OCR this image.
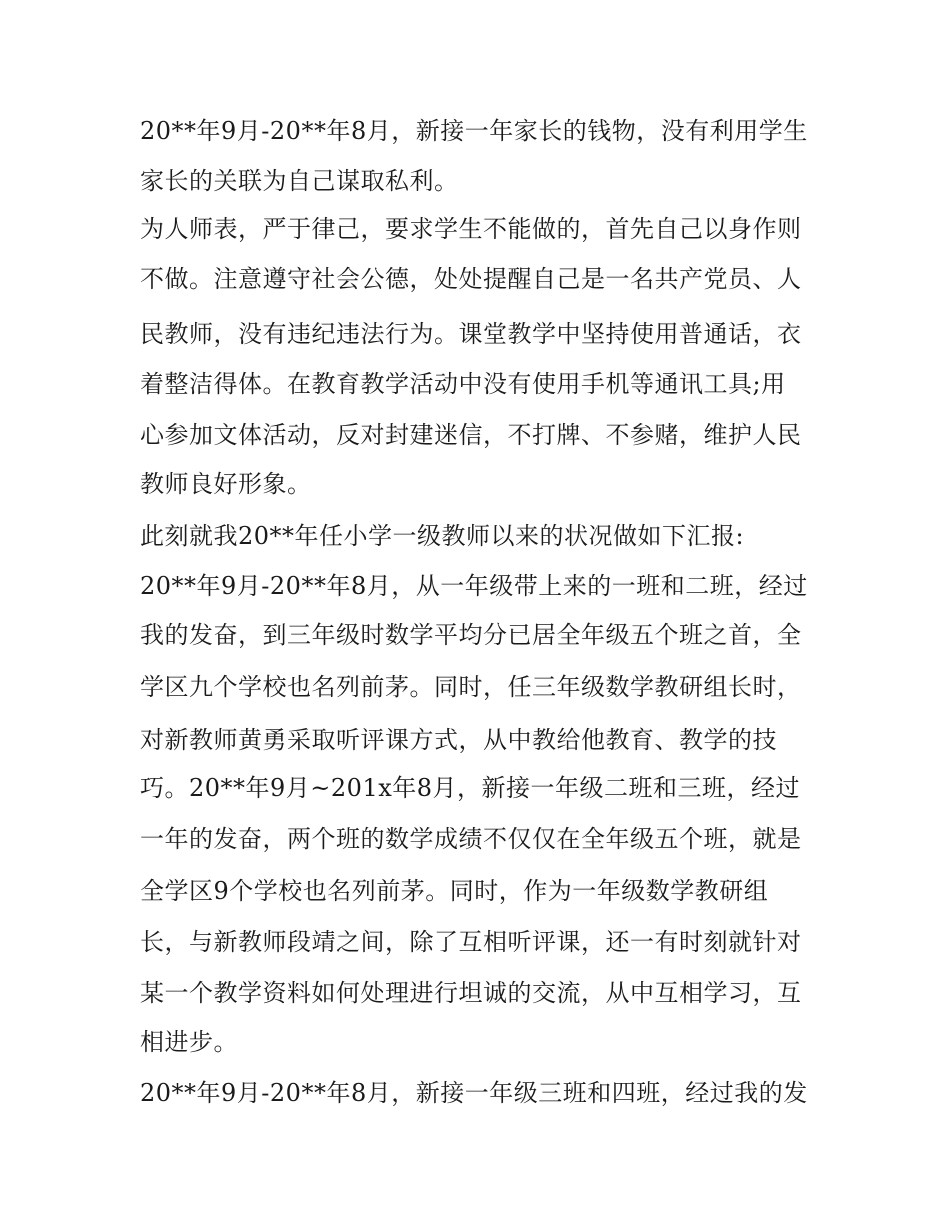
20**年9月-20**年8月，新接一年家长的钱物，没有利用学生
家长的关联为自己谋取私利。
为人师表，严于律己，要求学生不能做的，首先自己以身作则
不做。注意遵守社会公德，处处提醒自己是一名共产党员、人
民教师，没有违纪违法行为。课堂教学中坚持使用普通话，衣
着整洁得体。在教育教学活动中没有使用手机等通讯工具;用
心参加文体活动，反对封建迷信，不打牌、不参赌，维护人民
教师良好形象。
此刻就我20**年任小学一级教师以来的状况做如下汇报:
20**年9月-20**年8月，从一年级带上来的一班和二班，经过
我的发奋，到三年级时数学平均分已居全年级五个班之首，全
学区九个学校也名列前茅。同时，任三年级数学教研组长时，
对新教师黄勇采取听评课方式，从中教给他教育、教学的技
巧。20**年9月~201x年8月，新接一年级二班和三班，经过
一年的发奋，两个班的数学成绩不仅仅在全年级五个班，就是
全学区9个学校也名列前茅。同时，作为一年级数学教研组
长，与新教师段靖之间，除了互相听评课，还一有时刻就针对
某一个教学资料如何处理进行坦诚的交流，从中互相学习，互
相进步。
20**年9月-20**年8月，新接一年级三班和四班，经过我的发
